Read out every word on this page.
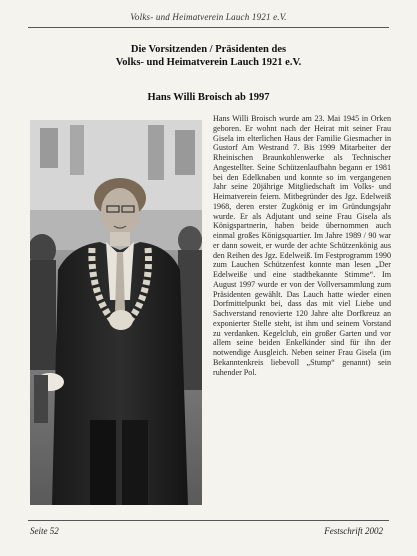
Volks- und Heimatverein Lauch 1921 e.V.
Die Vorsitzenden / Präsidenten des
Volks- und Heimatverein Lauch 1921 e.V.
Hans Willi Broisch ab 1997
Hans Willi Broisch wurde am 23. Mai 1945 in Orken geboren. Er wohnt nach der Heirat mit seiner Frau Gisela im elterlichen Haus der Familie Giesmacher in Gustorf Am Westrand 7. Bis 1999 Mitarbeiter der Rheinischen Braunkohlenwerke als Technischer Angestellter. Seine Schützenlaufbahn begann er 1981 bei den Edelknaben und konnte so im vergangenen Jahr seine 20jährige Mitgliedschaft im Volks- und Heimatverein feiern. Mitbegründer des Jgz. Edelweiß 1968, deren erster Zugkönig er im Gründungsjahr wurde. Er als Adjutant und seine Frau Gisela als Königspartnerin, haben beide übernommen auch einmal großes Königsquartier. Im Jahre 1989 / 90 war er dann soweit, er wurde der achte Schützenkönig aus den Reihen des Jgz. Edelweiß. Im Festprogramm 1990 zum Lauchen Schützenfest konnte man lesen „Der Edelweiße und eine stadtbekannte Stimme“. Im August 1997 wurde er von der Vollversammlung zum Präsidenten gewählt. Das Lauch hatte wieder einen Dorfmittelpunkt bei, dass das mit viel Liebe und Sachverstand renovierte 120 Jahre alte Dorfkreuz an exponierter Stelle steht, ist ihm und seinem Vorstand zu verdanken. Kegelclub, ein großer Garten und vor allem seine beiden Enkelkinder sind für ihn der notwendige Ausgleich. Neben seiner Frau Gisela (im Bekanntenkreis liebevoll „Stump“ genannt) sein ruhender Pol.
Seite 52	Festschrift 2002
